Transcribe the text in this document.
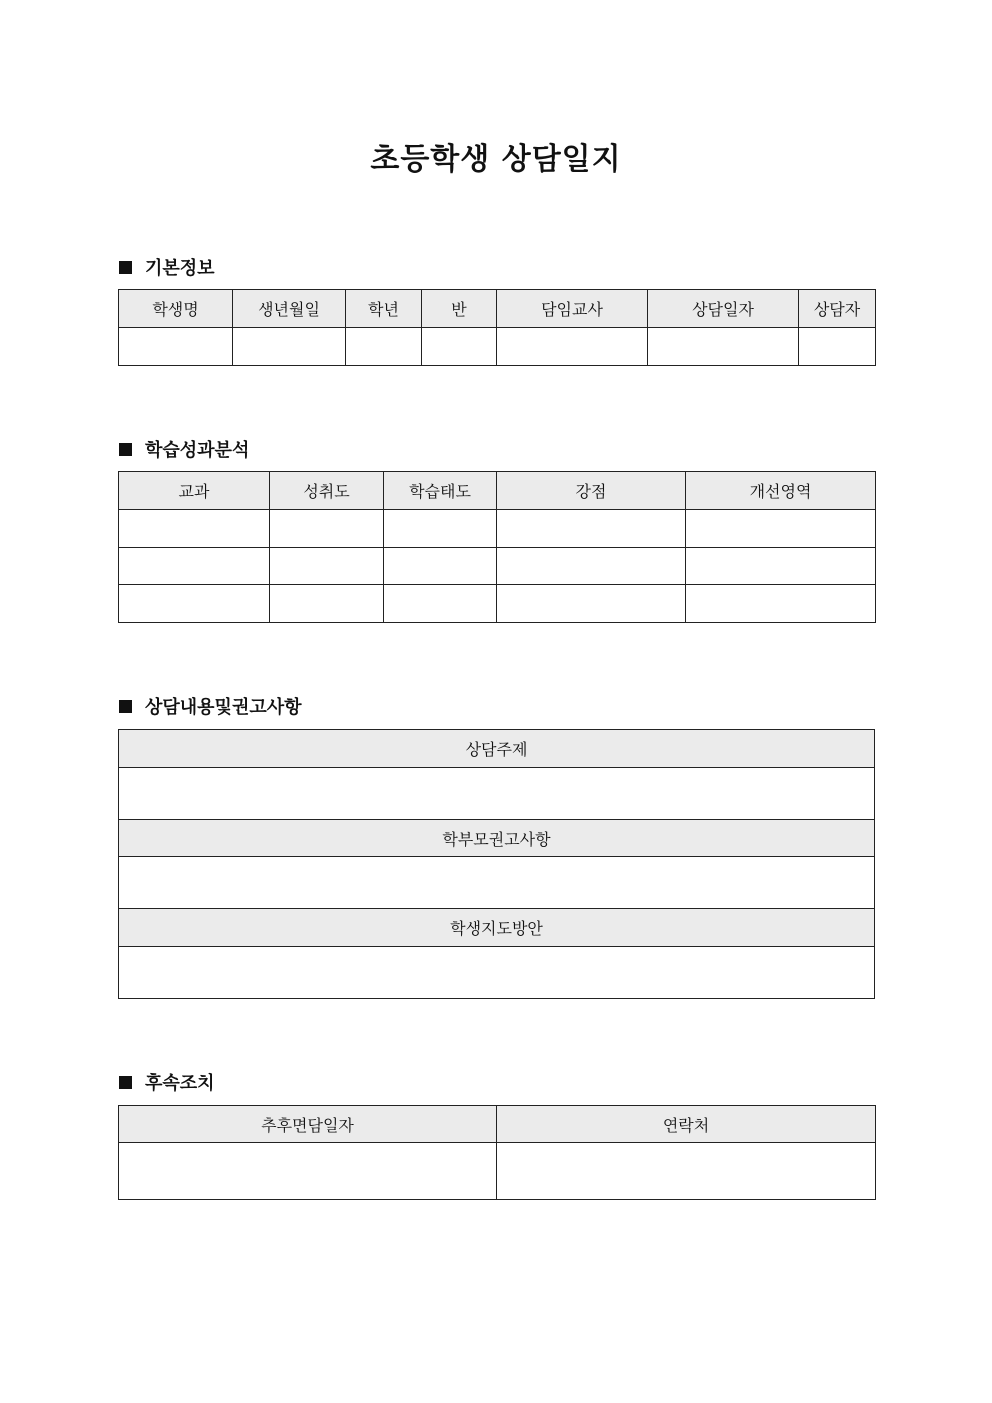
초등학생 상담일지
기본정보
학생명	생년월일	학년	반	담임교사	상담일자	상담자

학습성과분석
교과	성취도	학습태도	강점	개선영역

상담내용및권고사항
상담주제

학부모권고사항

학생지도방안

후속조치
추후면담일자	연락처
